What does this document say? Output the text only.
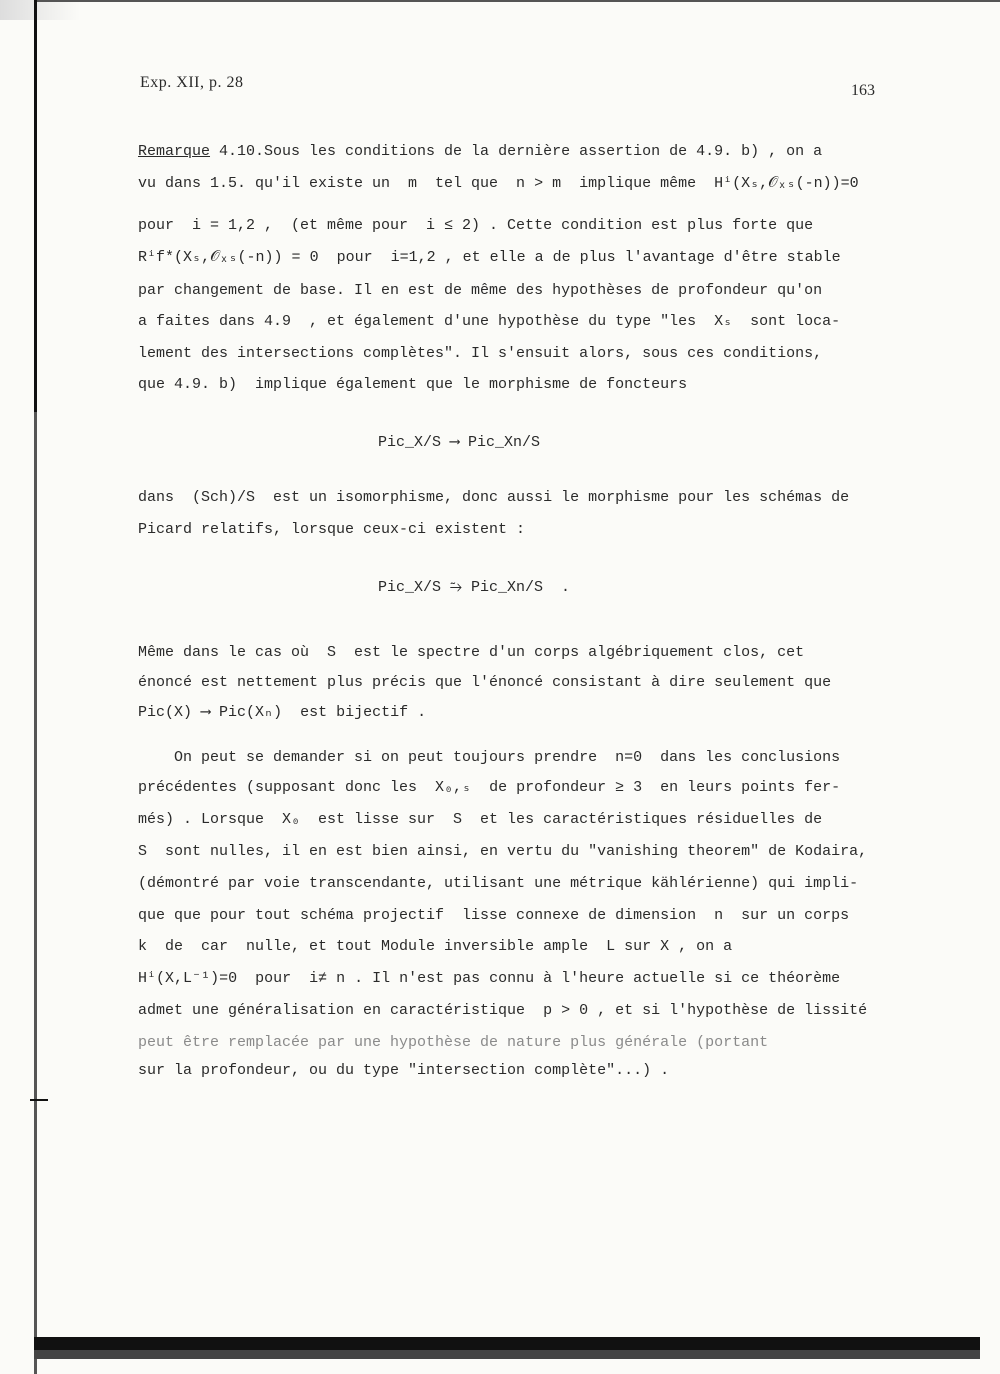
Exp. XII, p. 28	163
Remarque 4.10.Sous les conditions de la dernière assertion de 4.9. b) , on a
vu dans 1.5. qu'il existe un  m  tel que  n > m  implique même  Hⁱ(Xₛ,𝒪ₓₛ(-n))=0
pour  i = 1,2 ,  (et même pour  i ≤ 2) . Cette condition est plus forte que
Rⁱf*(Xₛ,𝒪ₓₛ(-n)) = 0  pour  i=1,2 , et elle a de plus l'avantage d'être stable
par changement de base. Il en est de même des hypothèses de profondeur qu'on
a faites dans 4.9  , et également d'une hypothèse du type "les  Xₛ  sont loca-
lement des intersections complètes". Il s'ensuit alors, sous ces conditions,
que 4.9. b)  implique également que le morphisme de foncteurs
Pic_X/S ⟶ Pic_Xn/S
dans  (Sch)/S  est un isomorphisme, donc aussi le morphisme pour les schémas de
Picard relatifs, lorsque ceux-ci existent :
Pic_X/S ⥲ Pic_Xn/S  .
Même dans le cas où  S  est le spectre d'un corps algébriquement clos, cet
énoncé est nettement plus précis que l'énoncé consistant à dire seulement que
Pic(X) ⟶ Pic(Xₙ)  est bijectif .
On peut se demander si on peut toujours prendre  n=0  dans les conclusions
précédentes (supposant donc les  X₀,ₛ  de profondeur ≥ 3  en leurs points fer-
més) . Lorsque  X₀  est lisse sur  S  et les caractéristiques résiduelles de
S  sont nulles, il en est bien ainsi, en vertu du "vanishing theorem" de Kodaira,
(démontré par voie transcendante, utilisant une métrique kählérienne) qui impli-
que que pour tout schéma projectif  lisse connexe de dimension  n  sur un corps
k  de  car  nulle, et tout Module inversible ample  L sur X , on a
Hⁱ(X,L⁻¹)=0  pour  i≠ n . Il n'est pas connu à l'heure actuelle si ce théorème
admet une généralisation en caractéristique  p > 0 , et si l'hypothèse de lissité
peut être remplacée par une hypothèse de nature plus générale (portant
sur la profondeur, ou du type "intersection complète"...) .
